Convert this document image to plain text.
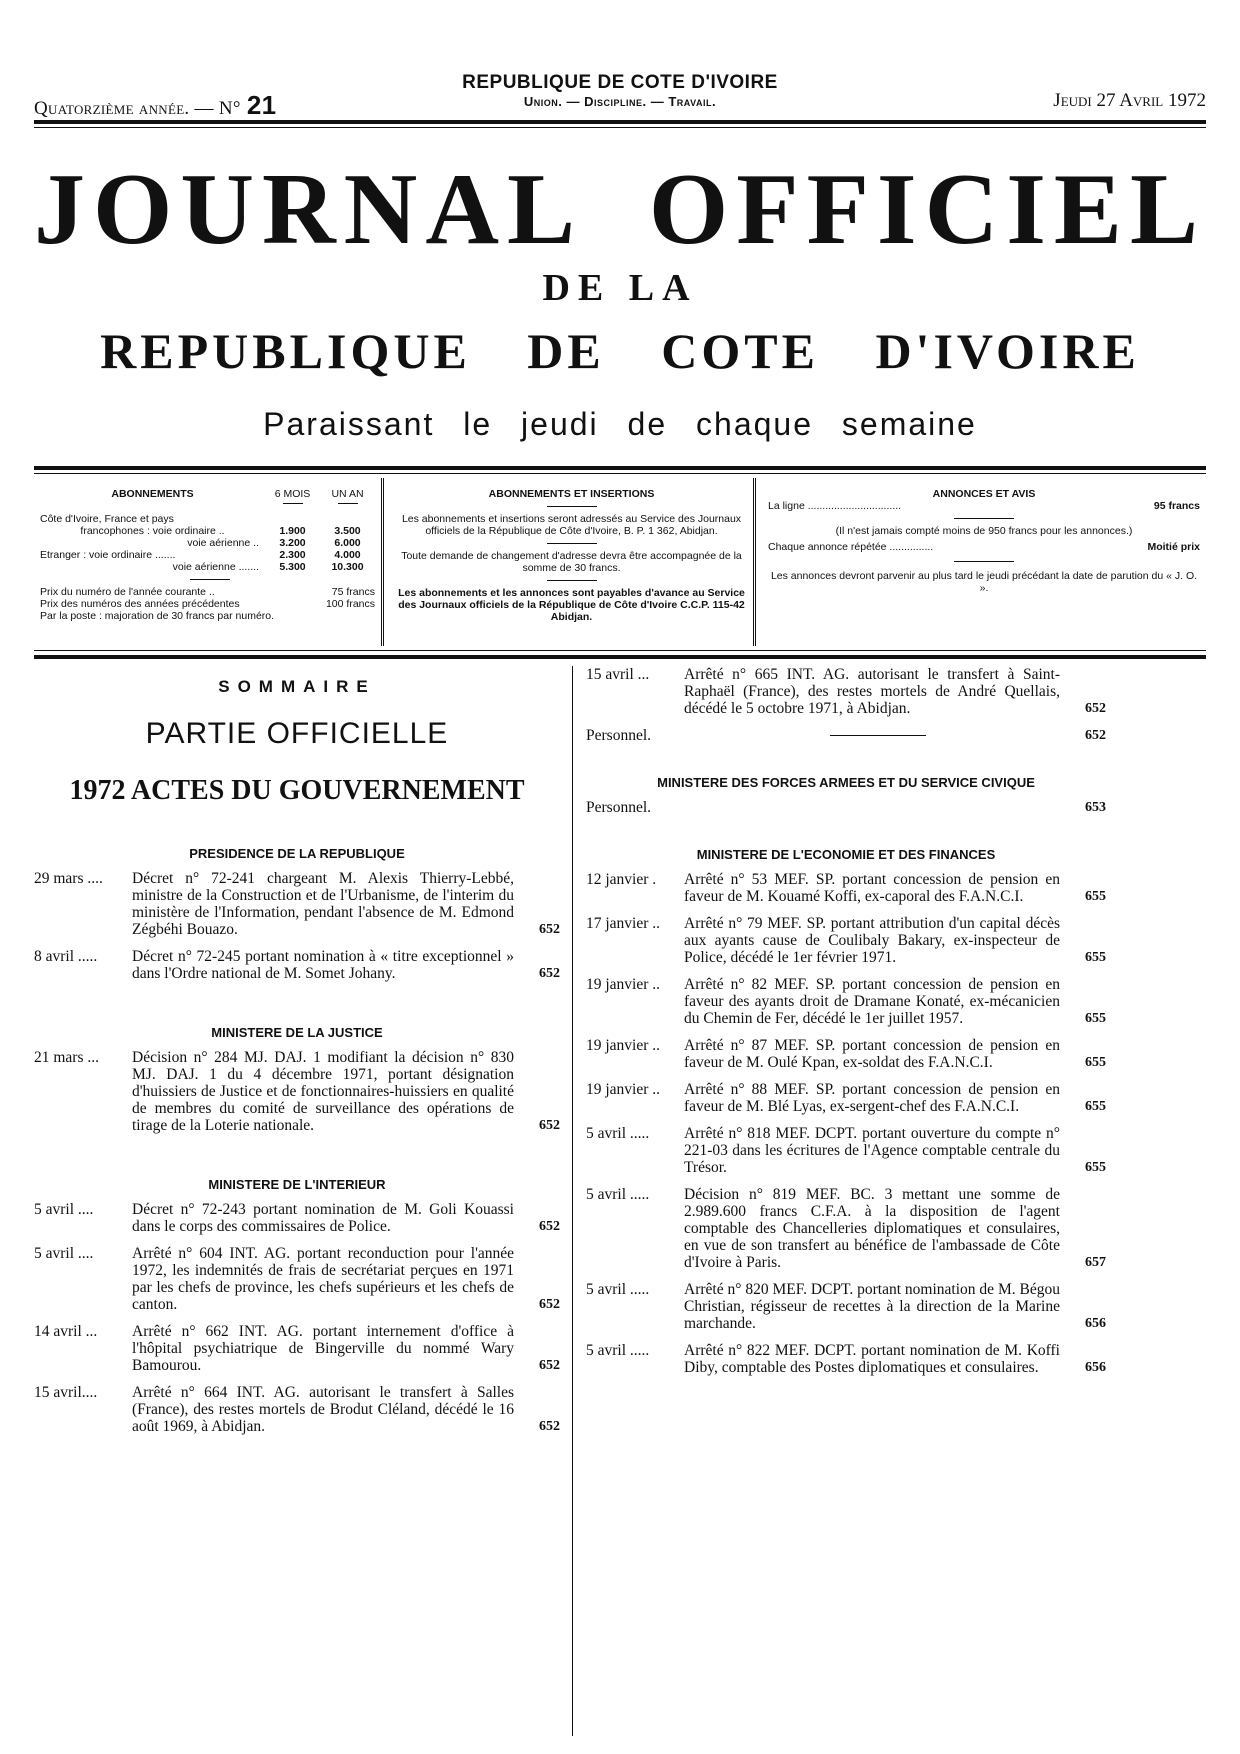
Quatorzième année. — N° 21
REPUBLIQUE DE COTE D'IVOIRE
Union. — Discipline. — Travail.	Jeudi 27 Avril 1972
JOURNAL OFFICIEL
DE LA
REPUBLIQUE DE COTE D'IVOIRE
Paraissant le jeudi de chaque semaine
ABONNEMENTS	6 MOIS	UN AN
Côte d'Ivoire, France et pays
francophones : voie ordinaire ..	1.900	3.500
voie aérienne ..	3.200	6.000
Etranger : voie ordinaire .......	2.300	4.000
voie aérienne .......	5.300	10.300
Prix du numéro de l'année courante ..	75 francs
Prix des numéros des années précédentes	100 francs
Par la poste : majoration de 30 francs par numéro.
ABONNEMENTS ET INSERTIONS

Les abonnements et insertions seront adressés au Service des Journaux officiels de la République de Côte d'Ivoire, B. P. 1 362, Abidjan.

Toute demande de changement d'adresse devra être accompagnée de la somme de 30 francs.

Les abonnements et les annonces sont payables d'avance au Service des Journaux officiels de la République de Côte d'Ivoire C.C.P. 115-42 Abidjan.

ANNONCES ET AVIS
La ligne ................................	95 francs

(Il n'est jamais compté moins de 950 francs pour les annonces.)

Chaque annonce répétée ...............	Moitié prix

Les annonces devront parvenir au plus tard le jeudi précédant la date de parution du « J. O. ».

SOMMAIRE
PARTIE OFFICIELLE
1972 ACTES DU GOUVERNEMENT
PRESIDENCE DE LA REPUBLIQUE
29 mars ....	Décret n° 72-241 chargeant M. Alexis Thierry-Lebbé, ministre de la Construction et de l'Urbanisme, de l'interim du ministère de l'Information, pendant l'absence de M. Edmond Zégbéhi Bouazo.	652
8 avril .....	Décret n° 72-245 portant nomination à « titre exceptionnel » dans l'Ordre national de M. Somet Johany.	652
MINISTERE DE LA JUSTICE
21 mars ...	Décision n° 284 MJ. DAJ. 1 modifiant la décision n° 830 MJ. DAJ. 1 du 4 décembre 1971, portant désignation d'huissiers de Justice et de fonctionnaires-huissiers en qualité de membres du comité de surveillance des opérations de tirage de la Loterie nationale.	652
MINISTERE DE L'INTERIEUR
5 avril ....	Décret n° 72-243 portant nomination de M. Goli Kouassi dans le corps des commissaires de Police.	652
5 avril ....	Arrêté n° 604 INT. AG. portant reconduction pour l'année 1972, les indemnités de frais de secrétariat perçues en 1971 par les chefs de province, les chefs supérieurs et les chefs de canton.	652
14 avril ...	Arrêté n° 662 INT. AG. portant internement d'office à l'hôpital psychiatrique de Bingerville du nommé Wary Bamourou.	652
15 avril....	Arrêté n° 664 INT. AG. autorisant le transfert à Salles (France), des restes mortels de Brodut Cléland, décédé le 16 août 1969, à Abidjan.	652
15 avril ...	Arrêté n° 665 INT. AG. autorisant le transfert à Saint-Raphaël (France), des restes mortels de André Quellais, décédé le 5 octobre 1971, à Abidjan.	652
Personnel.	652
MINISTERE DES FORCES ARMEES ET DU SERVICE CIVIQUE
Personnel.	653
MINISTERE DE L'ECONOMIE ET DES FINANCES
12 janvier .	Arrêté n° 53 MEF. SP. portant concession de pension en faveur de M. Kouamé Koffi, ex-caporal des F.A.N.C.I.	655
17 janvier ..	Arrêté n° 79 MEF. SP. portant attribution d'un capital décès aux ayants cause de Coulibaly Bakary, ex-inspecteur de Police, décédé le 1er février 1971.	655
19 janvier ..	Arrêté n° 82 MEF. SP. portant concession de pension en faveur des ayants droit de Dramane Konaté, ex-mécanicien du Chemin de Fer, décédé le 1er juillet 1957.	655
19 janvier ..	Arrêté n° 87 MEF. SP. portant concession de pension en faveur de M. Oulé Kpan, ex-soldat des F.A.N.C.I.	655
19 janvier ..	Arrêté n° 88 MEF. SP. portant concession de pension en faveur de M. Blé Lyas, ex-sergent-chef des F.A.N.C.I.	655
5 avril .....	Arrêté n° 818 MEF. DCPT. portant ouverture du compte n° 221-03 dans les écritures de l'Agence comptable centrale du Trésor.	655
5 avril .....	Décision n° 819 MEF. BC. 3 mettant une somme de 2.989.600 francs C.F.A. à la disposition de l'agent comptable des Chancelleries diplomatiques et consulaires, en vue de son transfert au bénéfice de l'ambassade de Côte d'Ivoire à Paris.	657
5 avril .....	Arrêté n° 820 MEF. DCPT. portant nomination de M. Bégou Christian, régisseur de recettes à la direction de la Marine marchande.	656
5 avril .....	Arrêté n° 822 MEF. DCPT. portant nomination de M. Koffi Diby, comptable des Postes diplomatiques et consulaires.	656
